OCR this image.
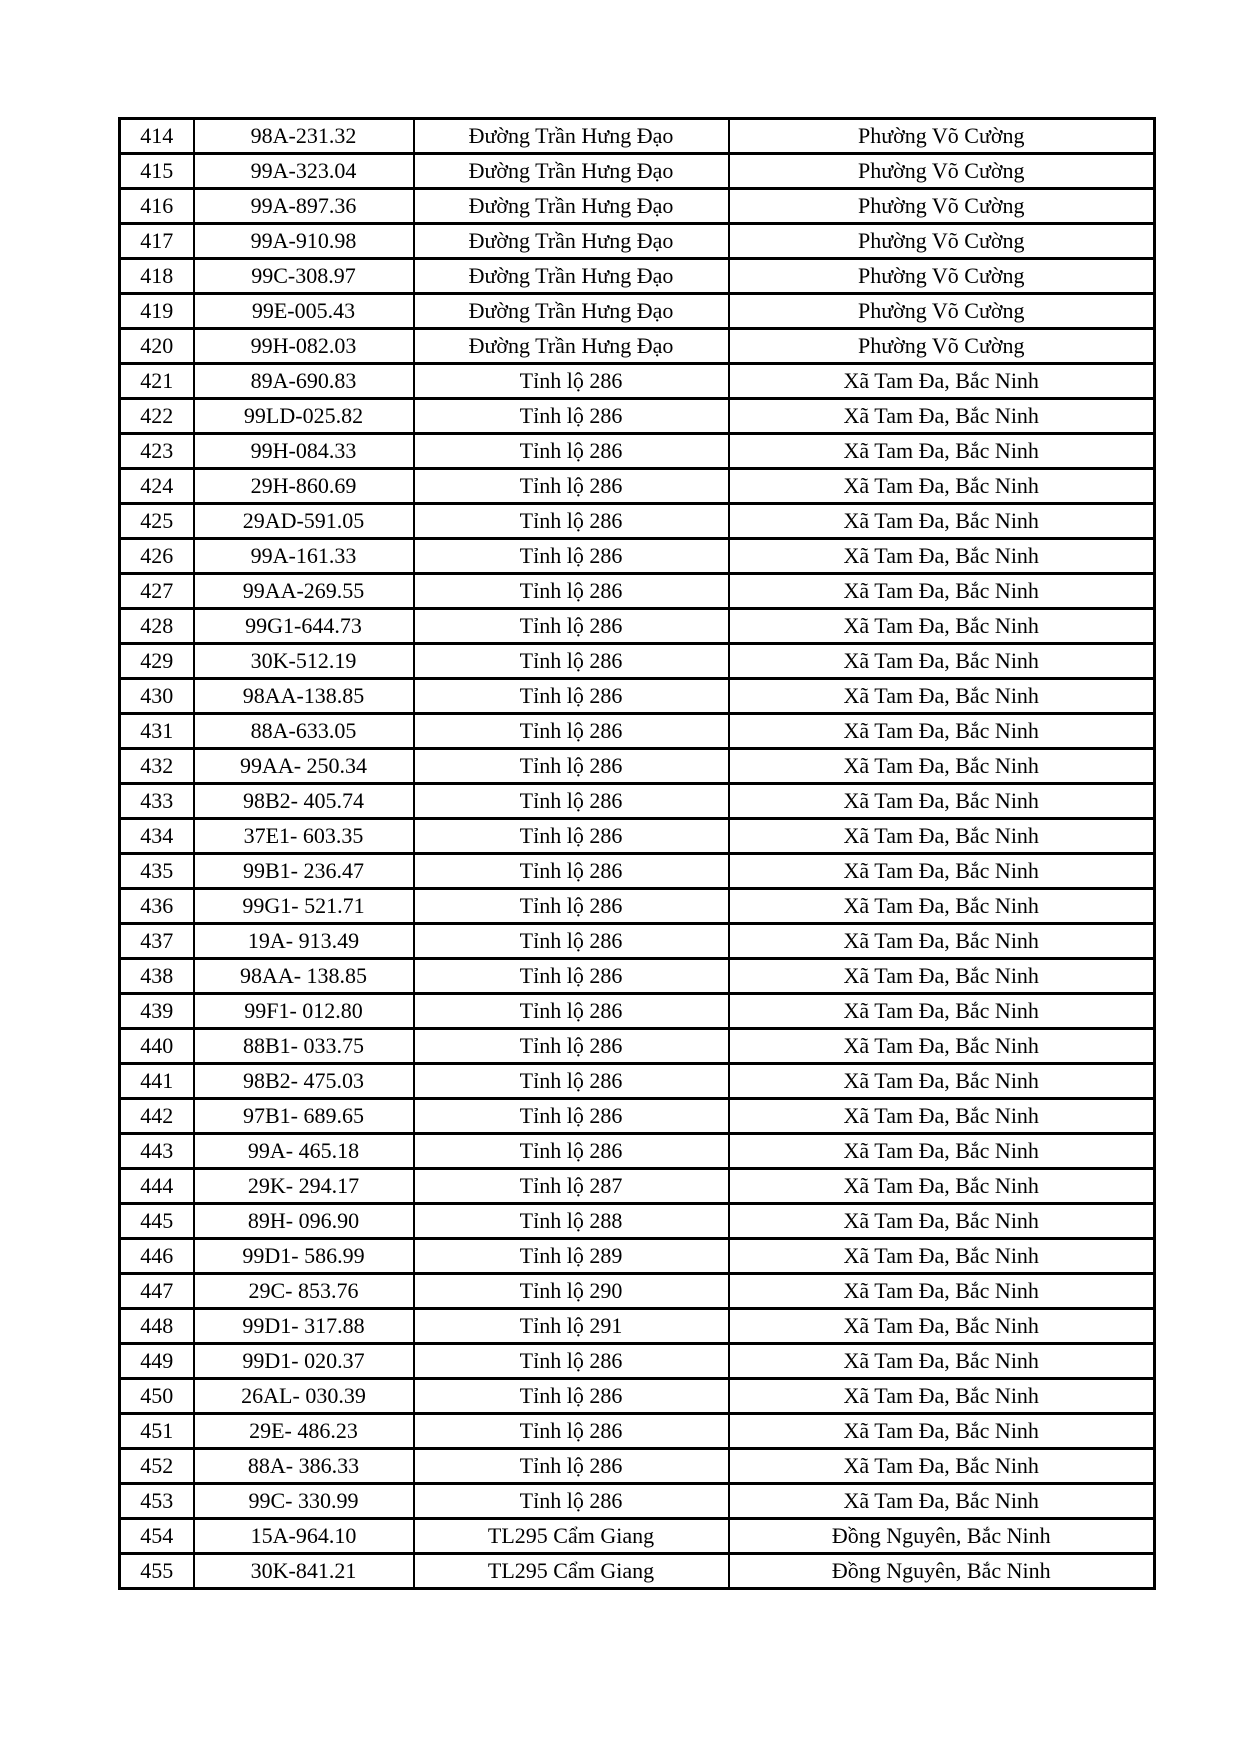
414	98A-231.32	Đường Trần Hưng Đạo	Phường Võ Cường
415	99A-323.04	Đường Trần Hưng Đạo	Phường Võ Cường
416	99A-897.36	Đường Trần Hưng Đạo	Phường Võ Cường
417	99A-910.98	Đường Trần Hưng Đạo	Phường Võ Cường
418	99C-308.97	Đường Trần Hưng Đạo	Phường Võ Cường
419	99E-005.43	Đường Trần Hưng Đạo	Phường Võ Cường
420	99H-082.03	Đường Trần Hưng Đạo	Phường Võ Cường
421	89A-690.83	Tỉnh lộ 286	Xã Tam Đa, Bắc Ninh
422	99LD-025.82	Tỉnh lộ 286	Xã Tam Đa, Bắc Ninh
423	99H-084.33	Tỉnh lộ 286	Xã Tam Đa, Bắc Ninh
424	29H-860.69	Tỉnh lộ 286	Xã Tam Đa, Bắc Ninh
425	29AD-591.05	Tỉnh lộ 286	Xã Tam Đa, Bắc Ninh
426	99A-161.33	Tỉnh lộ 286	Xã Tam Đa, Bắc Ninh
427	99AA-269.55	Tỉnh lộ 286	Xã Tam Đa, Bắc Ninh
428	99G1-644.73	Tỉnh lộ 286	Xã Tam Đa, Bắc Ninh
429	30K-512.19	Tỉnh lộ 286	Xã Tam Đa, Bắc Ninh
430	98AA-138.85	Tỉnh lộ 286	Xã Tam Đa, Bắc Ninh
431	88A-633.05	Tỉnh lộ 286	Xã Tam Đa, Bắc Ninh
432	99AA- 250.34	Tỉnh lộ 286	Xã Tam Đa, Bắc Ninh
433	98B2- 405.74	Tỉnh lộ 286	Xã Tam Đa, Bắc Ninh
434	37E1- 603.35	Tỉnh lộ 286	Xã Tam Đa, Bắc Ninh
435	99B1- 236.47	Tỉnh lộ 286	Xã Tam Đa, Bắc Ninh
436	99G1- 521.71	Tỉnh lộ 286	Xã Tam Đa, Bắc Ninh
437	19A- 913.49	Tỉnh lộ 286	Xã Tam Đa, Bắc Ninh
438	98AA- 138.85	Tỉnh lộ 286	Xã Tam Đa, Bắc Ninh
439	99F1- 012.80	Tỉnh lộ 286	Xã Tam Đa, Bắc Ninh
440	88B1- 033.75	Tỉnh lộ 286	Xã Tam Đa, Bắc Ninh
441	98B2- 475.03	Tỉnh lộ 286	Xã Tam Đa, Bắc Ninh
442	97B1- 689.65	Tỉnh lộ 286	Xã Tam Đa, Bắc Ninh
443	99A- 465.18	Tỉnh lộ 286	Xã Tam Đa, Bắc Ninh
444	29K- 294.17	Tỉnh lộ 287	Xã Tam Đa, Bắc Ninh
445	89H- 096.90	Tỉnh lộ 288	Xã Tam Đa, Bắc Ninh
446	99D1- 586.99	Tỉnh lộ 289	Xã Tam Đa, Bắc Ninh
447	29C- 853.76	Tỉnh lộ 290	Xã Tam Đa, Bắc Ninh
448	99D1- 317.88	Tỉnh lộ 291	Xã Tam Đa, Bắc Ninh
449	99D1- 020.37	Tỉnh lộ 286	Xã Tam Đa, Bắc Ninh
450	26AL- 030.39	Tỉnh lộ 286	Xã Tam Đa, Bắc Ninh
451	29E- 486.23	Tỉnh lộ 286	Xã Tam Đa, Bắc Ninh
452	88A- 386.33	Tỉnh lộ 286	Xã Tam Đa, Bắc Ninh
453	99C- 330.99	Tỉnh lộ 286	Xã Tam Đa, Bắc Ninh
454	15A-964.10	TL295 Cẩm Giang	Đồng Nguyên, Bắc Ninh
455	30K-841.21	TL295 Cẩm Giang	Đồng Nguyên, Bắc Ninh
